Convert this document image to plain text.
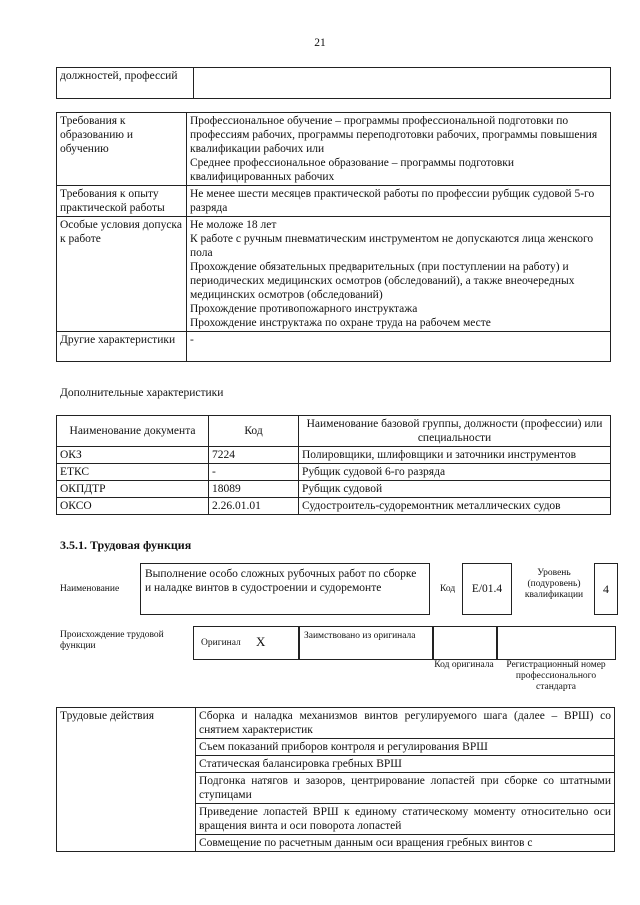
21
должностей, профессий	
Требования к образованию и обучению	Профессиональное обучение – программы профессиональной подготовки по профессиям рабочих, программы переподготовки рабочих, программы повышения квалификации рабочих или
Среднее профессиональное образование – программы подготовки квалифицированных рабочих

Требования к опыту практической работы	Не менее шести месяцев практической работы по профессии рубщик судовой 5-го разряда

Особые условия допуска к работе	Не моложе 18 лет
К работе с ручным пневматическим инструментом не допускаются лица женского пола
Прохождение обязательных предварительных (при поступлении на работу) и периодических медицинских осмотров (обследований), а также внеочередных медицинских осмотров (обследований)
Прохождение противопожарного инструктажа
Прохождение инструктажа по охране труда на рабочем месте

Другие характеристики	-
Дополнительные характеристики
Наименование документа	Код	Наименование базовой группы, должности (профессии) или специальности
ОКЗ	7224	Полировщики, шлифовщики и заточники инструментов
ЕТКС	-	Рубщик судовой 6-го разряда
ОКПДТР	18089	Рубщик судовой
ОКСО	2.26.01.01	Судостроитель-судоремонтник металлических судов
3.5.1. Трудовая функция
Наименование
Выполнение особо сложных рубочных работ по сборке и наладке винтов в судостроении и судоремонте	Код	E/01.4
Уровень (подуровень) квалификации	4
Происхождение трудовой функции	Оригинал X	Заимствовано из оригинала
Код оригинала	Регистрационный номер профессионального стандарта
Трудовые действия	Сборка и наладка механизмов винтов регулируемого шага (далее – ВРШ) со снятием характеристик
Съем показаний приборов контроля и регулирования ВРШ
Статическая балансировка гребных ВРШ
Подгонка натягов и зазоров, центрирование лопастей при сборке со штатными ступицами
Приведение лопастей ВРШ к единому статическому моменту относительно оси вращения винта и оси поворота лопастей
Совмещение по расчетным данным оси вращения гребных винтов с
